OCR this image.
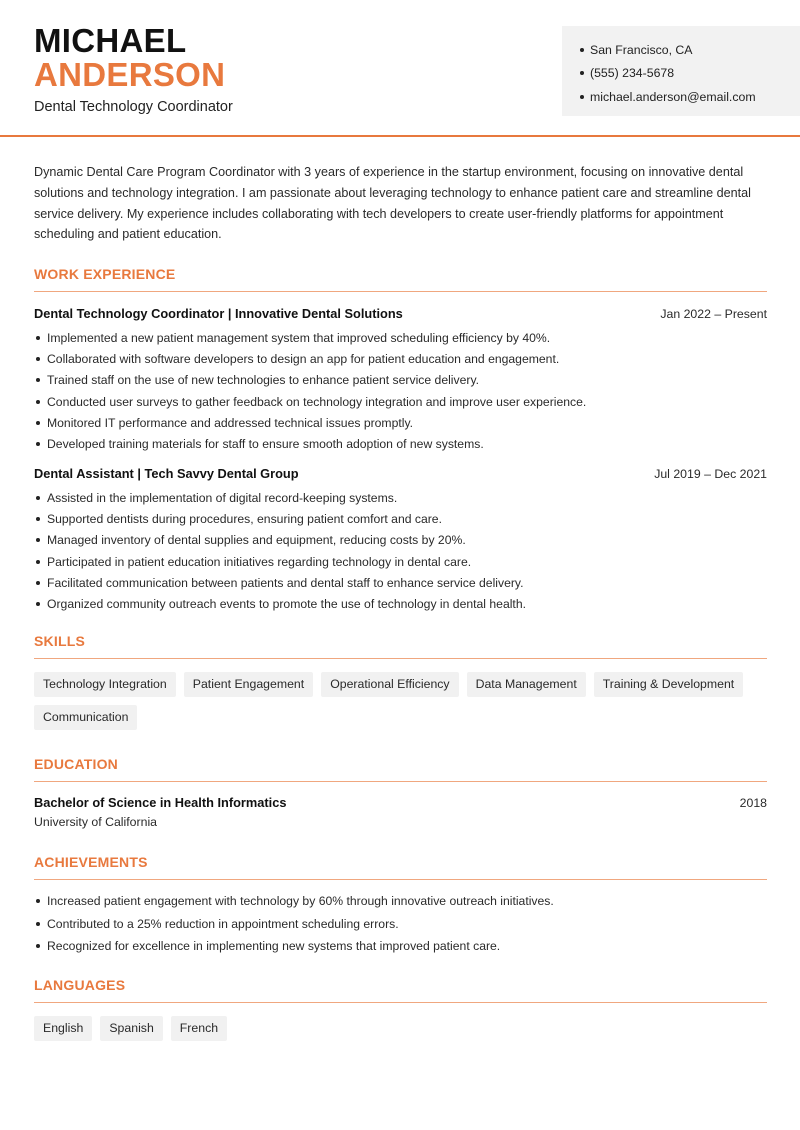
MICHAEL
ANDERSON
Dental Technology Coordinator
San Francisco, CA
(555) 234-5678
michael.anderson@email.com

Dynamic Dental Care Program Coordinator with 3 years of experience in the startup environment, focusing on innovative dental solutions and technology integration. I am passionate about leveraging technology to enhance patient care and streamline dental service delivery. My experience includes collaborating with tech developers to create user-friendly platforms for appointment scheduling and patient education.

WORK EXPERIENCE
Dental Technology Coordinator | Innovative Dental Solutions	Jan 2022 – Present
Implemented a new patient management system that improved scheduling efficiency by 40%.
Collaborated with software developers to design an app for patient education and engagement.
Trained staff on the use of new technologies to enhance patient service delivery.
Conducted user surveys to gather feedback on technology integration and improve user experience.
Monitored IT performance and addressed technical issues promptly.
Developed training materials for staff to ensure smooth adoption of new systems.
Dental Assistant | Tech Savvy Dental Group	Jul 2019 – Dec 2021
Assisted in the implementation of digital record-keeping systems.
Supported dentists during procedures, ensuring patient comfort and care.
Managed inventory of dental supplies and equipment, reducing costs by 20%.
Participated in patient education initiatives regarding technology in dental care.
Facilitated communication between patients and dental staff to enhance service delivery.
Organized community outreach events to promote the use of technology in dental health.
SKILLS
Technology Integration	Patient Engagement	Operational Efficiency	Data Management	Training & Development
Communication
EDUCATION
Bachelor of Science in Health Informatics	2018
University of California
ACHIEVEMENTS
Increased patient engagement with technology by 60% through innovative outreach initiatives.
Contributed to a 25% reduction in appointment scheduling errors.
Recognized for excellence in implementing new systems that improved patient care.
LANGUAGES
English	Spanish	French
